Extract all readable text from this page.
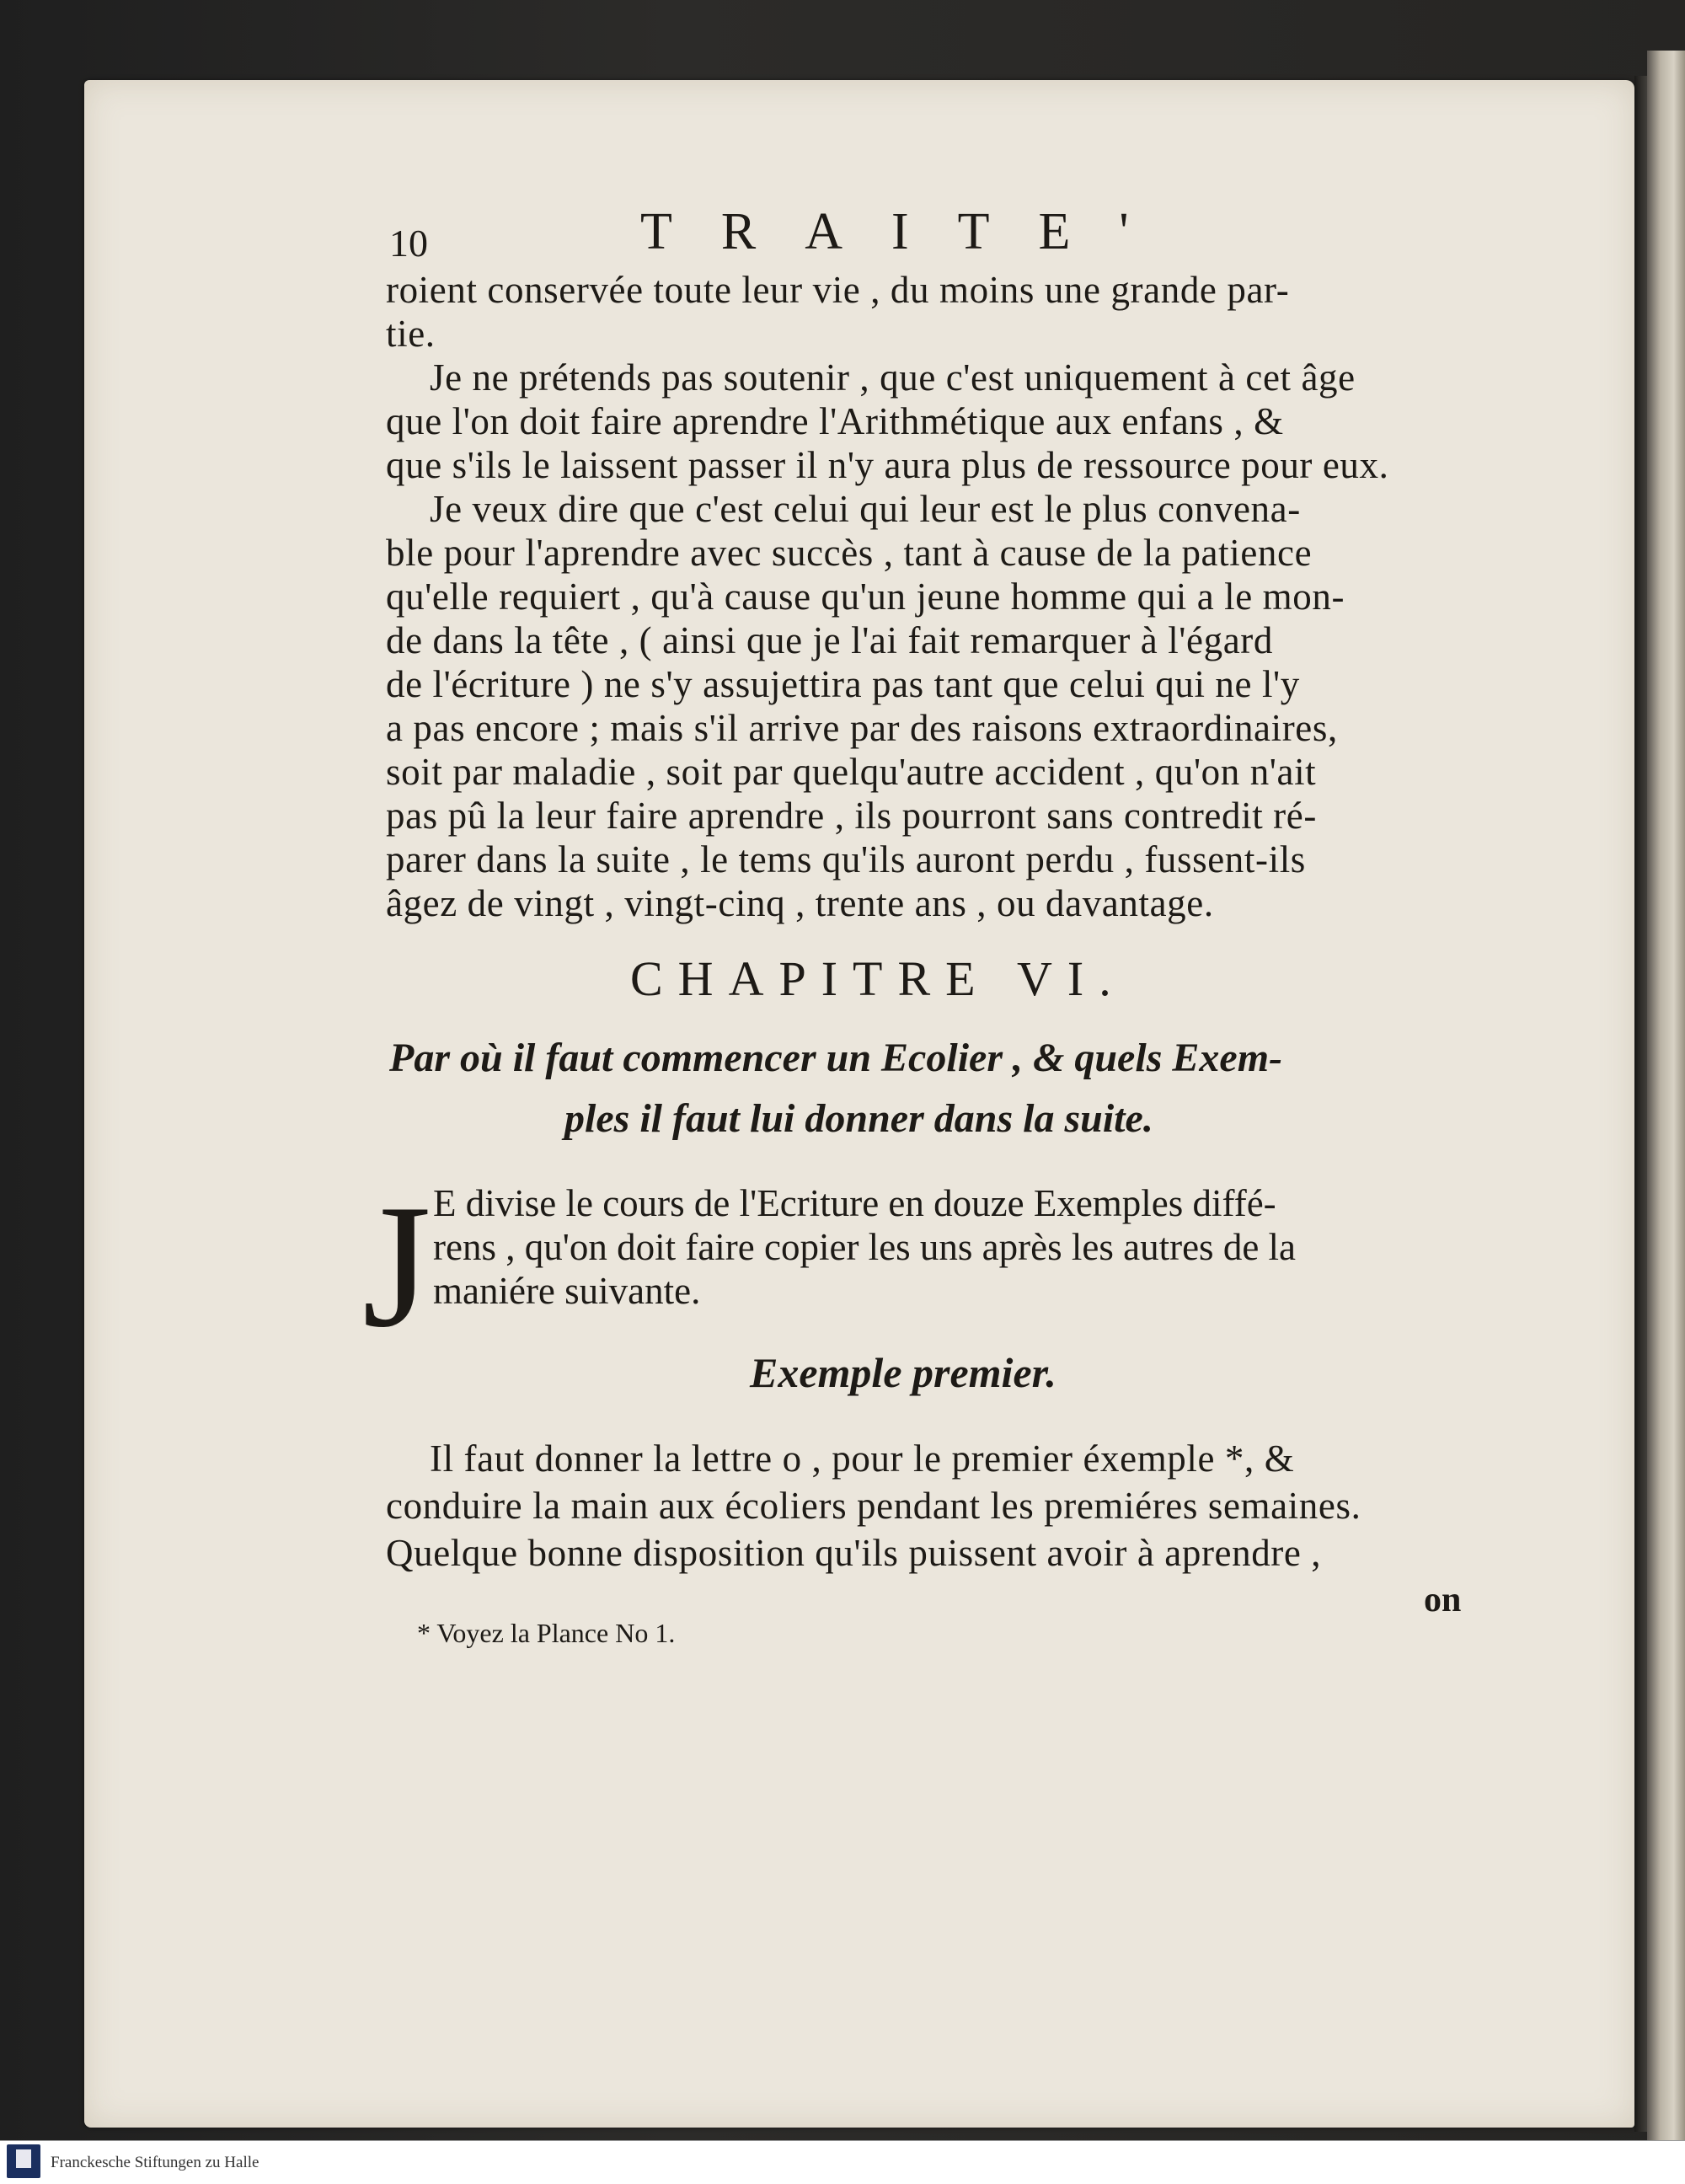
10	TRAITE'
roient conservée toute leur vie , du moins une grande par-
tie.
Je ne prétends pas soutenir , que c'est uniquement à cet âge
que l'on doit faire aprendre l'Arithmétique aux enfans , &
que s'ils le laissent passer il n'y aura plus de ressource pour eux.
Je veux dire que c'est celui qui leur est le plus convena-
ble pour l'aprendre avec succès , tant à cause de la patience
qu'elle requiert , qu'à cause qu'un jeune homme qui a le mon-
de dans la tête , ( ainsi que je l'ai fait remarquer à l'égard
de l'écriture ) ne s'y assujettira pas tant que celui qui ne l'y
a pas encore ; mais s'il arrive par des raisons extraordinaires,
soit par maladie , soit par quelqu'autre accident , qu'on n'ait
pas pû la leur faire aprendre , ils pourront sans contredit ré-
parer dans la suite , le tems qu'ils auront perdu , fussent-ils
âgez de vingt , vingt-cinq , trente ans , ou davantage.
CHAPITRE VI.
Par où il faut commencer un Ecolier , & quels Exem-
ples il faut lui donner dans la suite.
J E divise le cours de l'Ecriture en douze Exemples diffé-
rens , qu'on doit faire copier les uns après les autres de la
maniére suivante.
Exemple premier.
Il faut donner la lettre o , pour le premier éxemple *, &
conduire la main aux écoliers pendant les premiéres semaines.
Quelque bonne disposition qu'ils puissent avoir à aprendre ,
on
* Voyez la Plance No 1.
Franckesche Stiftungen zu Halle
